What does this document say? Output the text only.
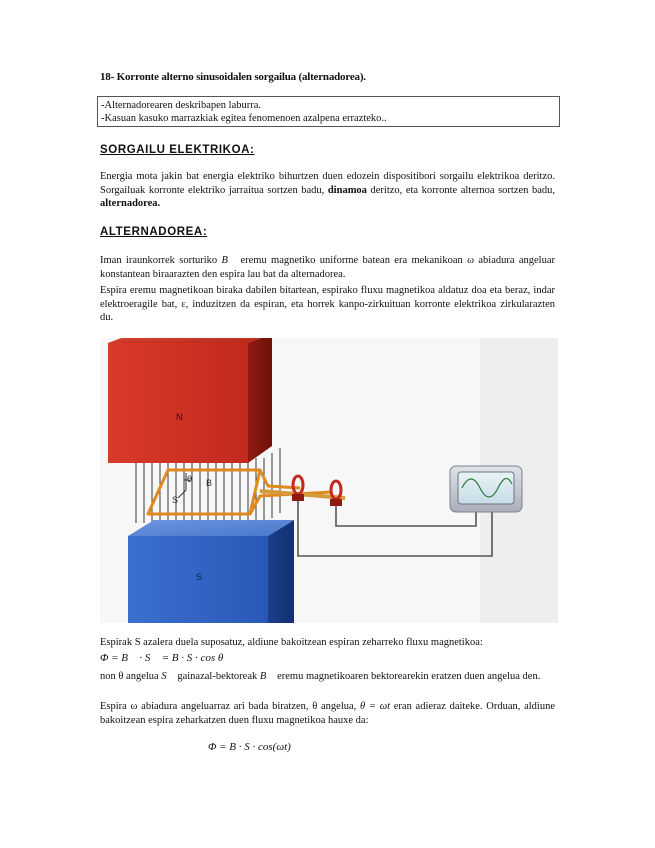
18- Korronte alterno sinusoidalen sorgailua (alternadorea).
-Alternadorearen deskribapen laburra.
-Kasuan kasuko marrazkiak egitea fenomenoen azalpena errazteko..
SORGAILU ELEKTRIKOA:
Energia mota jakin bat energia elektriko bihurtzen duen edozein dispositibori sorgailu elektrikoa deritzo. Sorgailuak korronte elektriko jarraitua sortzen badu, dinamoa deritzo, eta korronte alternoa sortzen badu, alternadorea.
ALTERNADOREA:
Iman iraunkorrek sorturiko B⃗ eremu magnetiko uniforme batean era mekanikoan ω abiadura angeluar konstantean biraarazten den espira lau bat da alternadorea.
Espira eremu magnetikoan biraka dabilen bitartean, espirako fluxu magnetikoa aldatuz doa eta beraz, indar elektroeragile bat, ε, induzitzen da espiran, eta horrek kanpo-zirkuituan korronte elektrikoa zirkularazten du.
N
S
S
θ B
Espirak S azalera duela suposatuz, aldiune bakoitzean espiran zeharreko fluxu magnetikoa:
Φ = B⃗ · S⃗ = B · S · cos θ
non θ angelua S⃗ gainazal-bektoreak B⃗ eremu magnetikoaren bektorearekin eratzen duen angelua den.
Espira ω abiadura angeluarraz ari bada biratzen, θ angelua, θ = ωt eran adieraz daiteke. Orduan, aldiune bakoitzean espira zeharkatzen duen fluxu magnetikoa hauxe da:
Φ = B · S · cos(ωt)
